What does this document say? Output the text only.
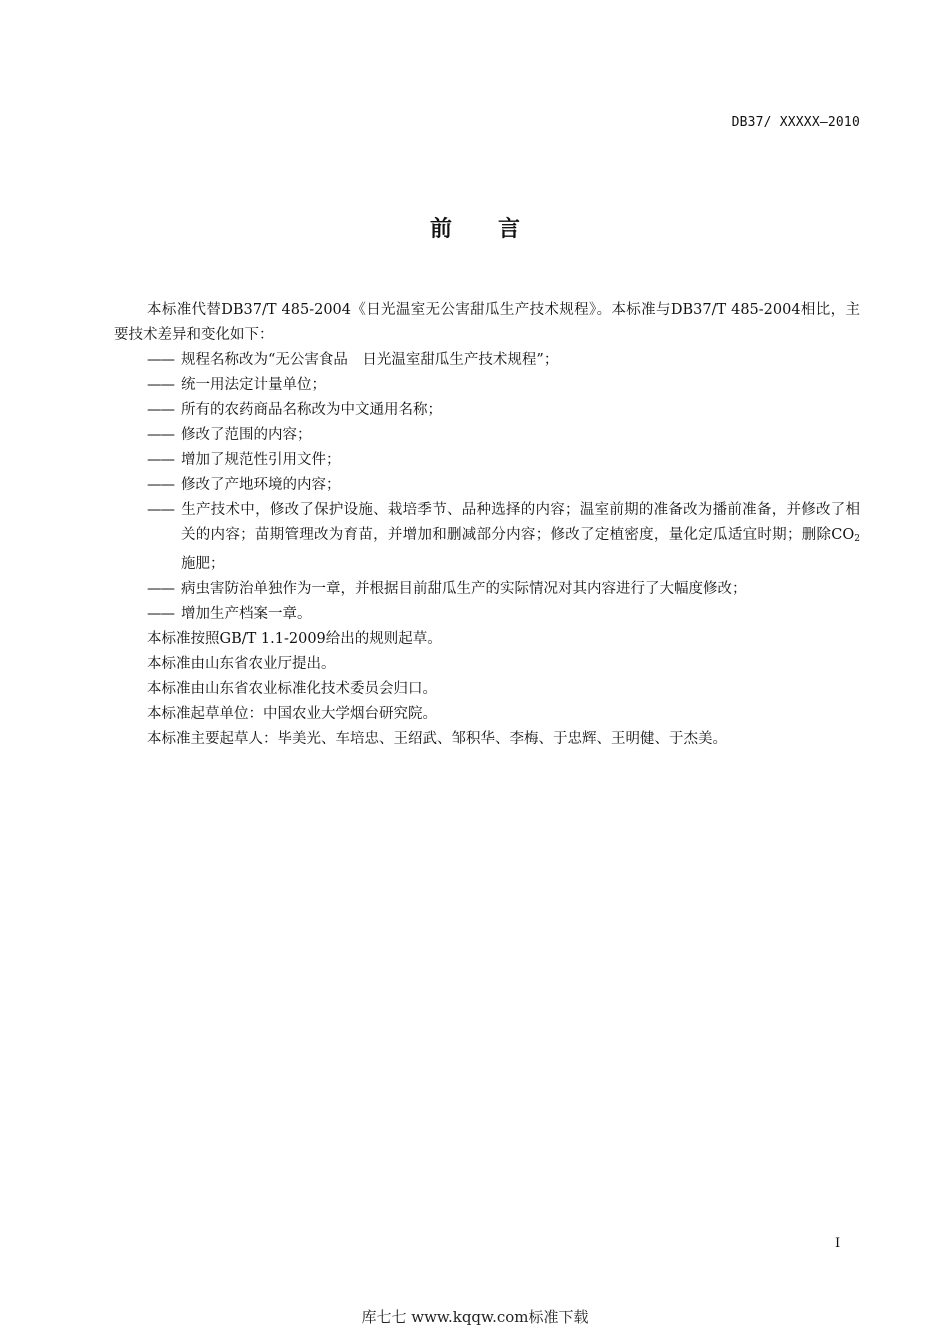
DB37/ XXXXX—2010
前言

本标准代替DB37/T 485-2004《日光温室无公害甜瓜生产技术规程》。本标准与DB37/T 485-2004相比，主要技术差异和变化如下：

—— 规程名称改为“无公害食品　日光温室甜瓜生产技术规程”；
—— 统一用法定计量单位；
—— 所有的农药商品名称改为中文通用名称；
—— 修改了范围的内容；
—— 增加了规范性引用文件；
—— 修改了产地环境的内容；
—— 生产技术中，修改了保护设施、栽培季节、品种选择的内容；温室前期的准备改为播前准备，并修改了相关的内容；苗期管理改为育苗，并增加和删减部分内容；修改了定植密度，量化定瓜适宜时期；删除$CO_2$施肥；
—— 病虫害防治单独作为一章，并根据目前甜瓜生产的实际情况对其内容进行了大幅度修改；
—— 增加生产档案一章。

本标准按照GB/T 1.1-2009给出的规则起草。

本标准由山东省农业厅提出。

本标准由山东省农业标准化技术委员会归口。

本标准起草单位：中国农业大学烟台研究院。

本标准主要起草人：毕美光、车培忠、王绍武、邹积华、李梅、于忠辉、王明健、于杰美。

I
库七七 www.kqqw.com标准下载
